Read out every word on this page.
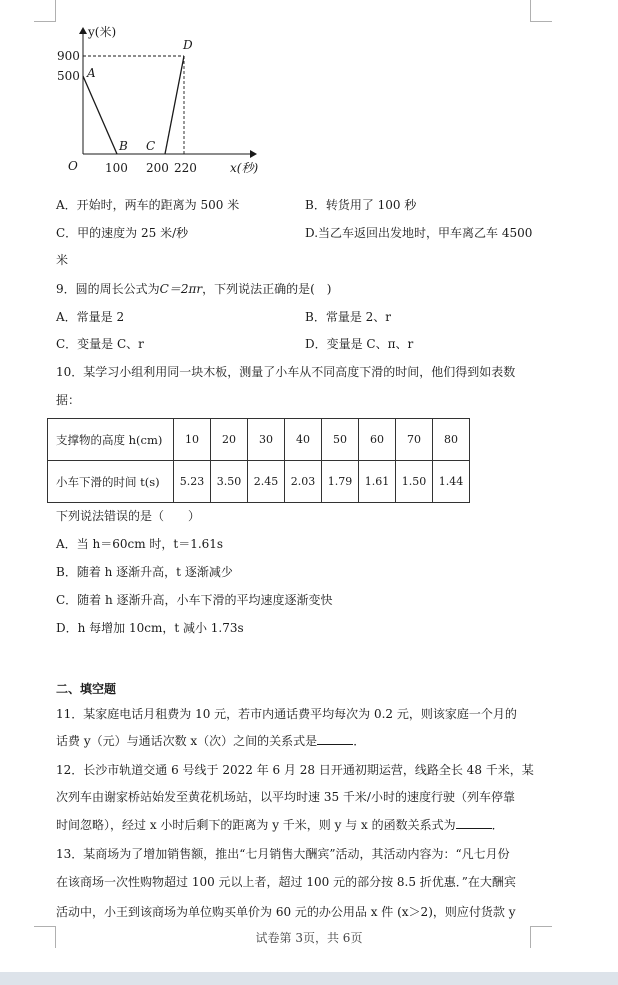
y(米)
x(秒)
O
900
500
100 200 220
A
B C
D
A．开始时，两车的距离为 500 米	B．转货用了 100 秒
C．甲的速度为 25 米/秒	D.当乙车返回出发地时，甲车离乙车 4500
米
9．圆的周长公式为C＝2πr，下列说法正确的是(　)
A．常量是 2	B．常量是 2、r
C．变量是 C、r	D．变量是 C、π、r
10．某学习小组利用同一块木板，测量了小车从不同高度下滑的时间，他们得到如表数
据：
支撑物的高度 h(cm)	10	20	30	40	50	60	70	80
小车下滑的时间 t(s)	5.23	3.50	2.45	2.03	1.79	1.61	1.50	1.44
下列说法错误的是（　　）
A．当 h＝60cm 时，t＝1.61s
B．随着 h 逐渐升高，t 逐渐减少
C．随着 h 逐渐升高，小车下滑的平均速度逐渐变快
D．h 每增加 10cm，t 减小 1.73s
二、填空题
11．某家庭电话月租费为 10 元，若市内通话费平均每次为 0.2 元，则该家庭一个月的
话费 y（元）与通话次数 x（次）之间的关系式是	．
12．长沙市轨道交通 6 号线于 2022 年 6 月 28 日开通初期运营，线路全长 48 千米，某
次列车由谢家桥站始发至黄花机场站，以平均时速 35 千米/小时的速度行驶（列车停靠
时间忽略），经过 x 小时后剩下的距离为 y 千米，则 y 与 x 的函数关系式为	．
13．某商场为了增加销售额，推出“七月销售大酬宾”活动，其活动内容为：“凡七月份
在该商场一次性购物超过 100 元以上者，超过 100 元的部分按 8.5 折优惠．”在大酬宾
活动中，小王到该商场为单位购买单价为 60 元的办公用品 x 件 (x＞2)，则应付货款 y
试卷第 3页，共 6页
